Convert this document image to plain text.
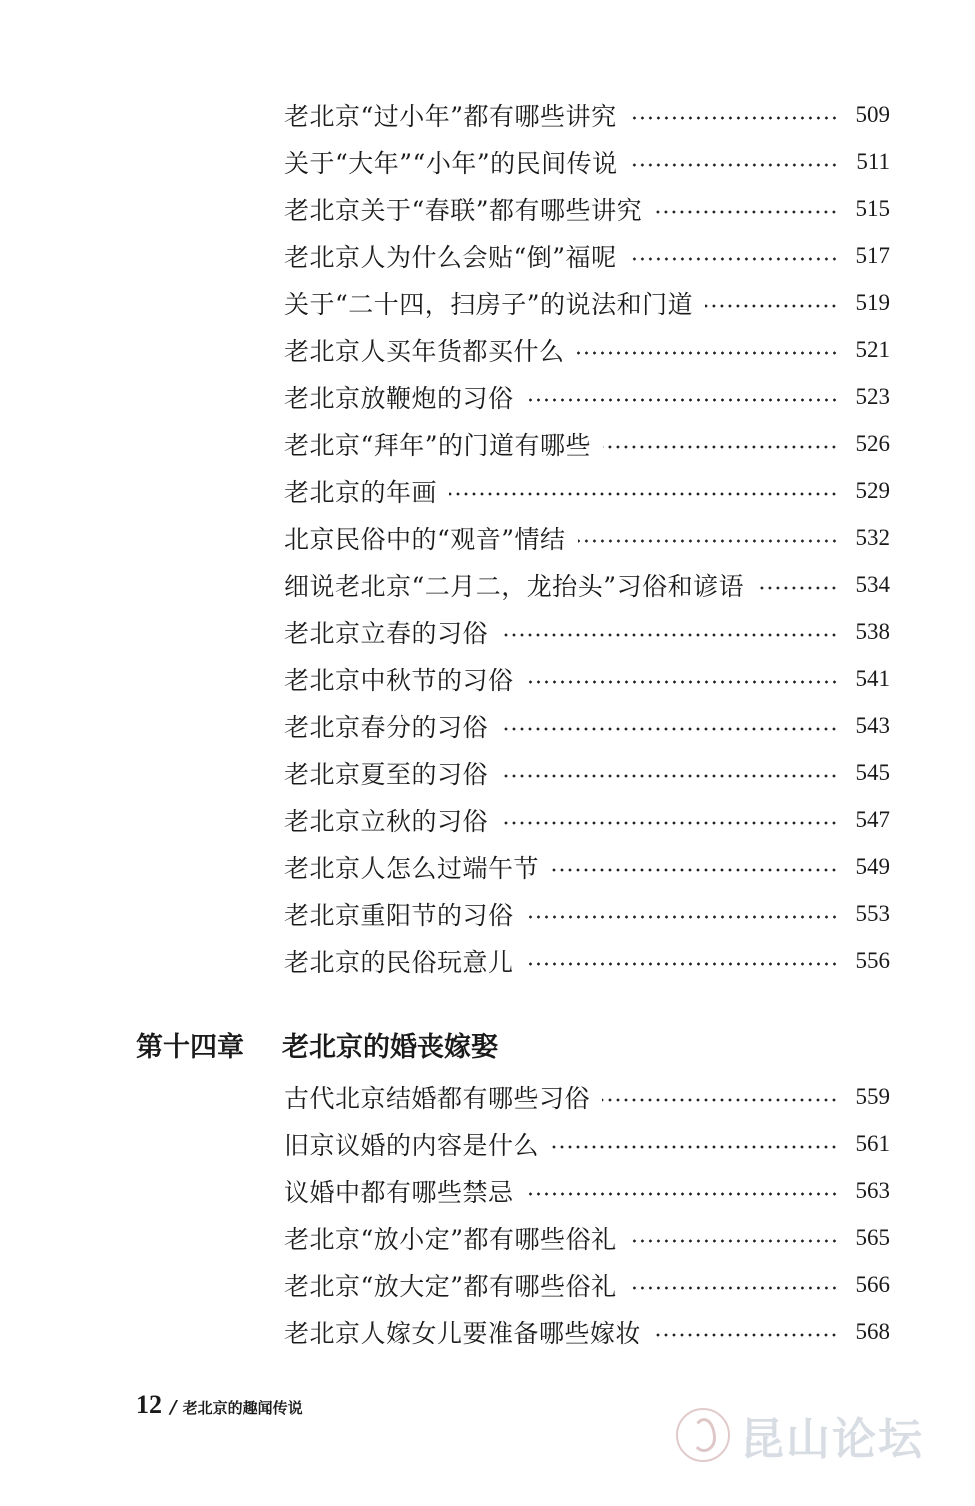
老北京“过小年”都有哪些讲究	509
关于“大年”“小年”的民间传说	511
老北京关于“春联”都有哪些讲究	515
老北京人为什么会贴“倒”福呢	517
关于“二十四，扫房子”的说法和门道	519
老北京人买年货都买什么	521
老北京放鞭炮的习俗	523
老北京“拜年”的门道有哪些	526
老北京的年画	529
北京民俗中的“观音”情结	532
细说老北京“二月二，龙抬头”习俗和谚语	534
老北京立春的习俗	538
老北京中秋节的习俗	541
老北京春分的习俗	543
老北京夏至的习俗	545
老北京立秋的习俗	547
老北京人怎么过端午节	549
老北京重阳节的习俗	553
老北京的民俗玩意儿	556
第十四章	老北京的婚丧嫁娶
古代北京结婚都有哪些习俗	559
旧京议婚的内容是什么	561
议婚中都有哪些禁忌	563
老北京“放小定”都有哪些俗礼	565
老北京“放大定”都有哪些俗礼	566
老北京人嫁女儿要准备哪些嫁妆	568
12 / 老北京的趣闻传说
昆山论坛
